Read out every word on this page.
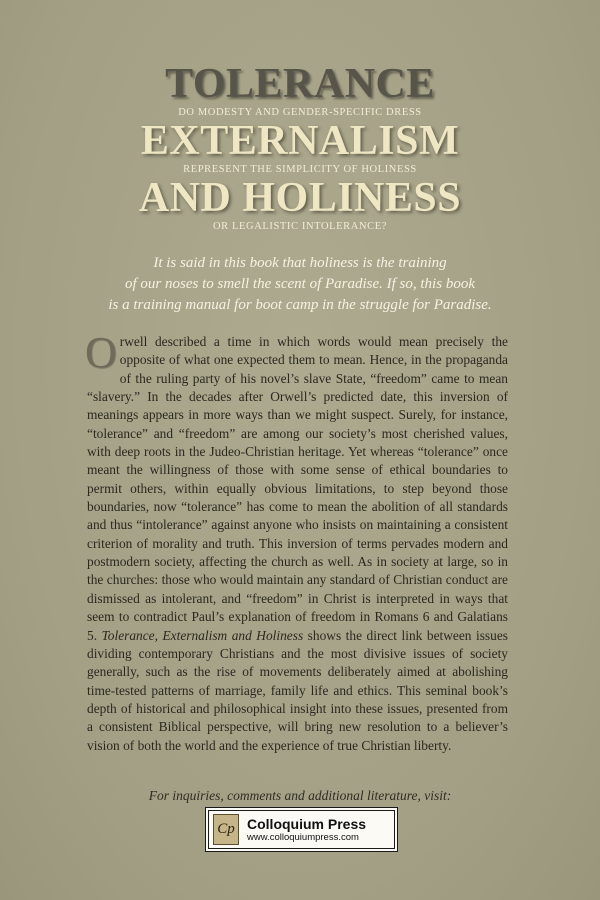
TOLERANCE
DO MODESTY AND GENDER-SPECIFIC DRESS
EXTERNALISM
REPRESENT THE SIMPLICITY OF HOLINESS
AND HOLINESS
OR LEGALISTIC INTOLERANCE?
It is said in this book that holiness is the training
of our noses to smell the scent of Paradise. If so, this book
is a training manual for boot camp in the struggle for Paradise.
Orwell described a time in which words would mean precisely the opposite of what one expected them to mean. Hence, in the propaganda of the ruling party of his novel’s slave State, “freedom” came to mean “slavery.” In the decades after Orwell’s predicted date, this inversion of meanings appears in more ways than we might suspect. Surely, for instance, “tolerance” and “freedom” are among our society’s most cherished values, with deep roots in the Judeo-Christian heritage. Yet whereas “tolerance” once meant the willingness of those with some sense of ethical boundaries to permit others, within equally obvious limitations, to step beyond those boundaries, now “tolerance” has come to mean the abolition of all standards and thus “intolerance” against anyone who insists on maintaining a consistent criterion of morality and truth. This inversion of terms pervades modern and postmodern society, affecting the church as well. As in society at large, so in the churches: those who would maintain any standard of Christian conduct are dismissed as intolerant, and “freedom” in Christ is interpreted in ways that seem to contradict Paul’s explanation of freedom in Romans 6 and Galatians 5. Tolerance, Externalism and Holiness shows the direct link between issues dividing contemporary Christians and the most divisive issues of society generally, such as the rise of movements deliberately aimed at abolishing time-tested patterns of marriage, family life and ethics. This seminal book’s depth of historical and philosophical insight into these issues, presented from a consistent Biblical perspective, will bring new resolution to a believer’s vision of both the world and the experience of true Christian liberty.
For inquiries, comments and additional literature, visit:
Cp Colloquium Press
www.colloquiumpress.com
